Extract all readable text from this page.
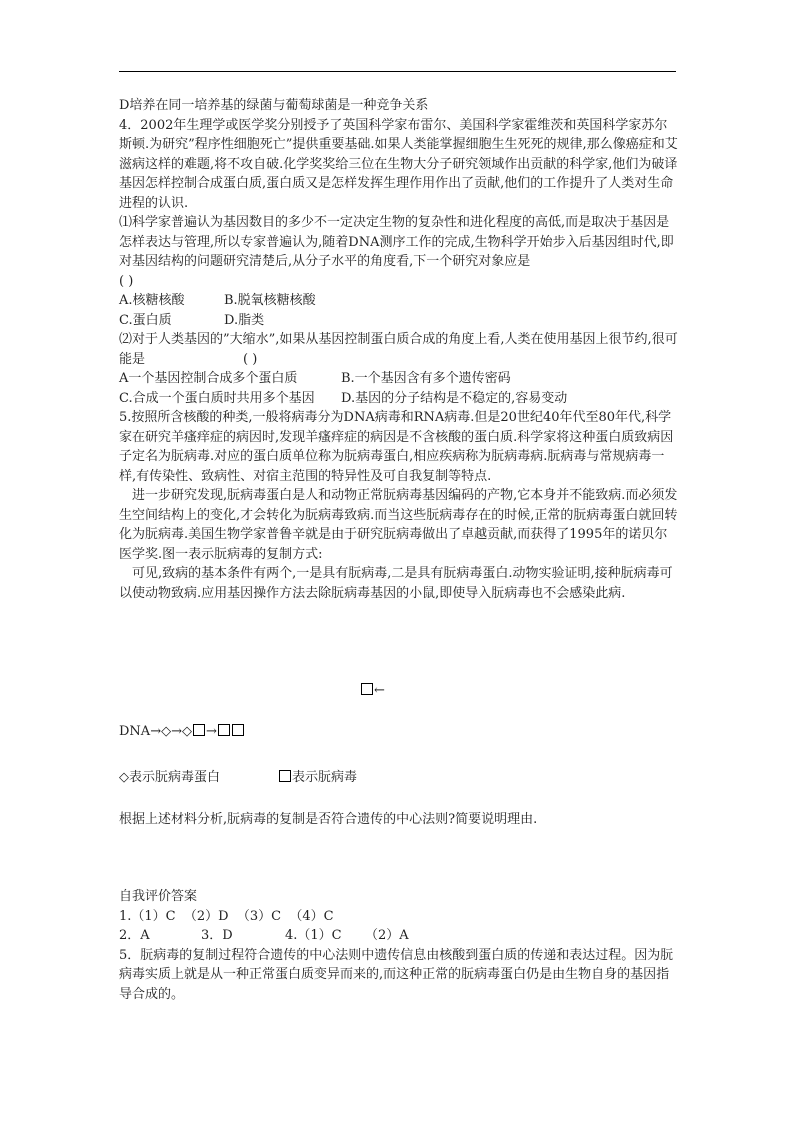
D培养在同一培养基的绿菌与葡萄球菌是一种竞争关系

4．2002年生理学或医学奖分别授予了英国科学家布雷尔、美国科学家霍维茨和英国科学家苏尔斯顿.为研究”程序性细胞死亡”提供重要基础.如果人类能掌握细胞生生死死的规律,那么像癌症和艾滋病这样的难题,将不攻自破.化学奖奖给三位在生物大分子研究领域作出贡献的科学家,他们为破译基因怎样控制合成蛋白质,蛋白质又是怎样发挥生理作用作出了贡献,他们的工作提升了人类对生命进程的认识.

⑴科学家普遍认为基因数目的多少不一定决定生物的复杂性和进化程度的高低,而是取决于基因是怎样表达与管理,所以专家普遍认为,随着DNA测序工作的完成,生物科学开始步入后基因组时代,即对基因结构的问题研究清楚后,从分子水平的角度看,下一个研究对象应是
( )

A.核糖核酸	B.脱氧核糖核酸

C.蛋白质	D.脂类

⑵对于人类基因的”大缩水”,如果从基因控制蛋白质合成的角度上看,人类在使用基因上很节约,很可能是	( )

A一个基因控制合成多个蛋白质	B.一个基因含有多个遗传密码

C.合成一个蛋白质时共用多个基因 D.基因的分子结构是不稳定的,容易变动

5.按照所含核酸的种类,一般将病毒分为DNA病毒和RNA病毒.但是20世纪40年代至80年代,科学家在研究羊瘙痒症的病因时,发现羊瘙痒症的病因是不含核酸的蛋白质.科学家将这种蛋白质致病因子定名为朊病毒.对应的蛋白质单位称为朊病毒蛋白,相应疾病称为朊病毒病.朊病毒与常规病毒一样,有传染性、致病性、对宿主范围的特异性及可自我复制等特点.

进一步研究发现,朊病毒蛋白是人和动物正常朊病毒基因编码的产物,它本身并不能致病.而必须发生空间结构上的变化,才会转化为朊病毒致病.而当这些朊病毒存在的时候,正常的朊病毒蛋白就回转化为朊病毒.美国生物学家普鲁辛就是由于研究朊病毒做出了卓越贡献,而获得了1995年的诺贝尔医学奖.图一表示朊病毒的复制方式:

可见,致病的基本条件有两个,一是具有朊病毒,二是具有朊病毒蛋白.动物实验证明,接种朊病毒可以使动物致病.应用基因操作方法去除朊病毒基因的小鼠,即使导入朊病毒也不会感染此病.

←
DNA→◇→◇ →
◇表示朊病毒蛋白	表示朊病毒
根据上述材料分析,朊病毒的复制是否符合遗传的中心法则?简要说明理由.

自我评价答案

1.（1）C  （2）D  （3）C  （4）C

2．A	3．D	4.（1）C （2）A

5．朊病毒的复制过程符合遗传的中心法则中遗传信息由核酸到蛋白质的传递和表达过程。因为朊病毒实质上就是从一种正常蛋白质变异而来的,而这种正常的朊病毒蛋白仍是由生物自身的基因指导合成的。
